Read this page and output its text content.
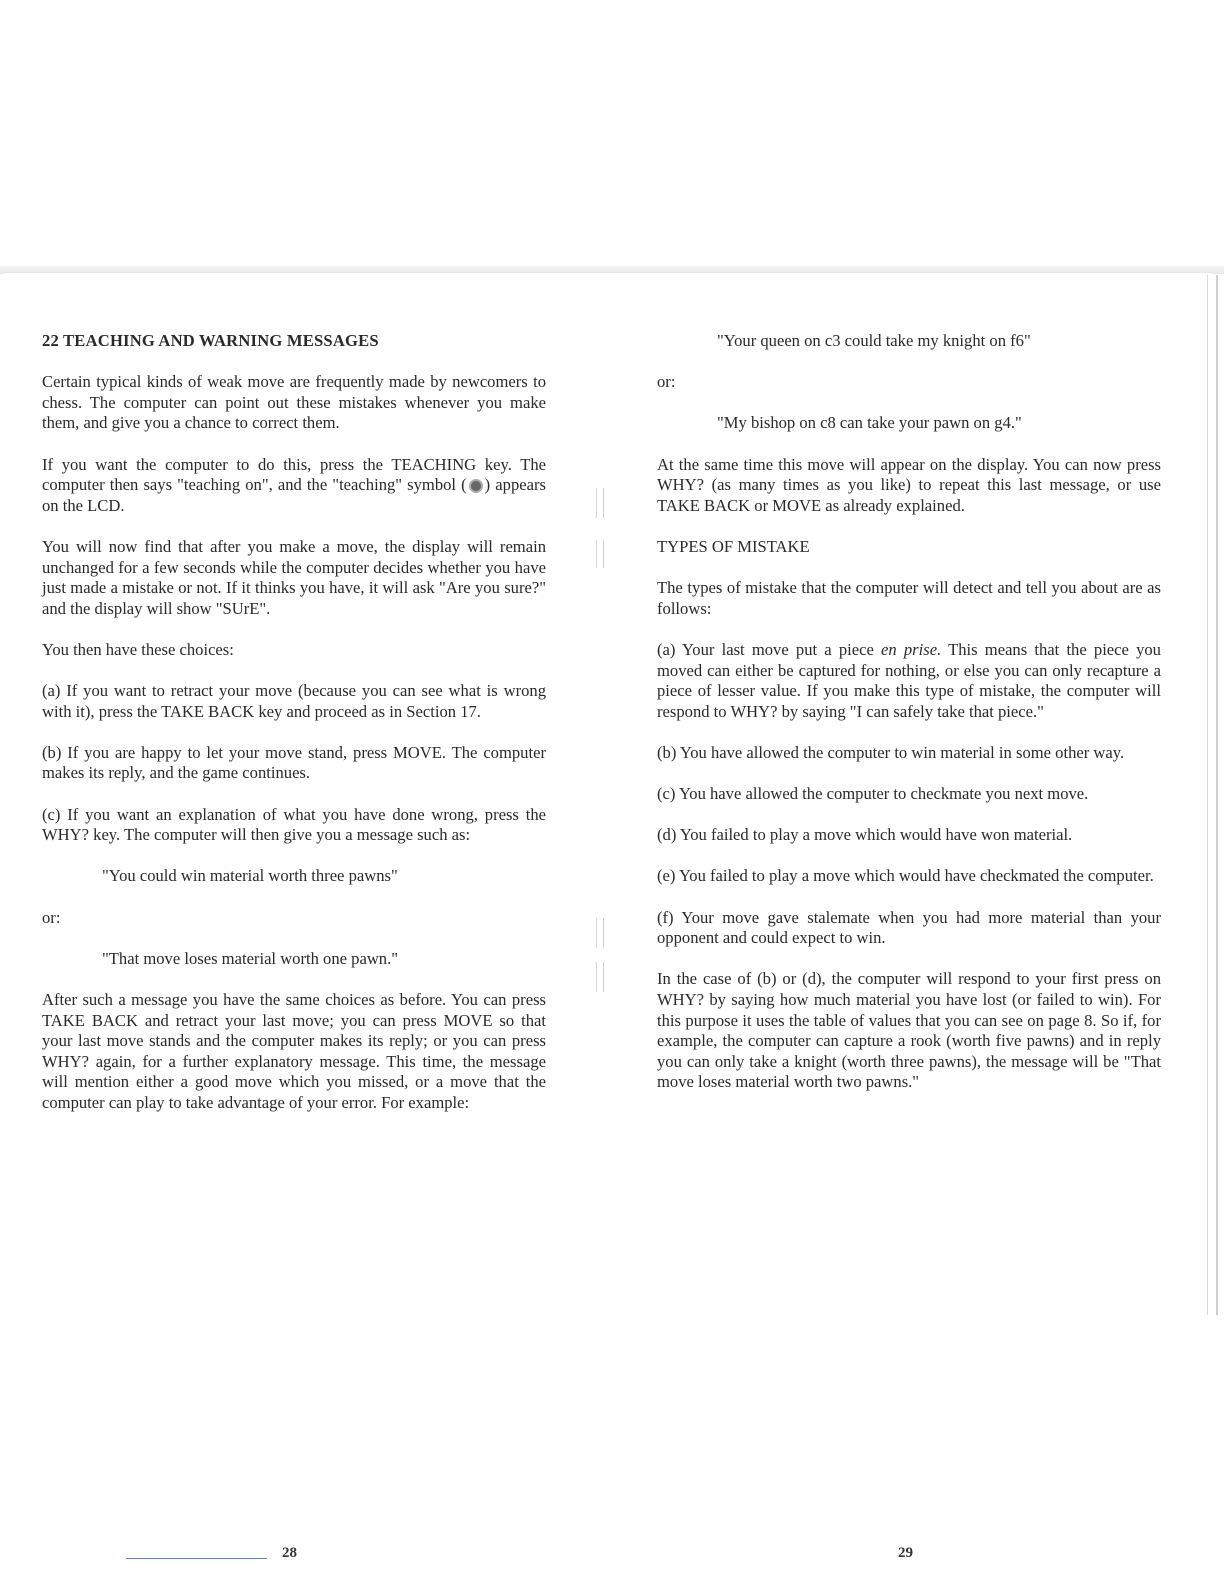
22 TEACHING AND WARNING MESSAGES

Certain typical kinds of weak move are frequently made by newcomers to chess. The computer can point out these mistakes whenever you make them, and give you a chance to correct them.

If you want the computer to do this, press the TEACHING key. The computer then says "teaching on", and the "teaching" symbol ( ) appears on the LCD.

You will now find that after you make a move, the display will remain unchanged for a few seconds while the computer decides whether you have just made a mistake or not. If it thinks you have, it will ask "Are you sure?" and the display will show "SUrE".

You then have these choices:

(a) If you want to retract your move (because you can see what is wrong with it), press the TAKE BACK key and proceed as in Section 17.

(b) If you are happy to let your move stand, press MOVE. The computer makes its reply, and the game continues.

(c) If you want an explanation of what you have done wrong, press the WHY? key. The computer will then give you a message such as:

"You could win material worth three pawns"

or:

"That move loses material worth one pawn."

After such a message you have the same choices as before. You can press TAKE BACK and retract your last move; you can press MOVE so that your last move stands and the computer makes its reply; or you can press WHY? again, for a further explanatory message. This time, the message will mention either a good move which you missed, or a move that the computer can play to take advantage of your error. For example:

"Your queen on c3 could take my knight on f6"

or:

"My bishop on c8 can take your pawn on g4."

At the same time this move will appear on the display. You can now press WHY? (as many times as you like) to repeat this last message, or use TAKE BACK or MOVE as already explained.

TYPES OF MISTAKE

The types of mistake that the computer will detect and tell you about are as follows:

(a) Your last move put a piece en prise. This means that the piece you moved can either be captured for nothing, or else you can only recapture a piece of lesser value. If you make this type of mistake, the computer will respond to WHY? by saying "I can safely take that piece."

(b) You have allowed the computer to win material in some other way.

(c) You have allowed the computer to checkmate you next move.

(d) You failed to play a move which would have won material.

(e) You failed to play a move which would have checkmated the computer.

(f) Your move gave stalemate when you had more material than your opponent and could expect to win.

In the case of (b) or (d), the computer will respond to your first press on WHY? by saying how much material you have lost (or failed to win). For this purpose it uses the table of values that you can see on page 8. So if, for example, the computer can capture a rook (worth five pawns) and in reply you can only take a knight (worth three pawns), the message will be "That move loses material worth two pawns."

28	29
